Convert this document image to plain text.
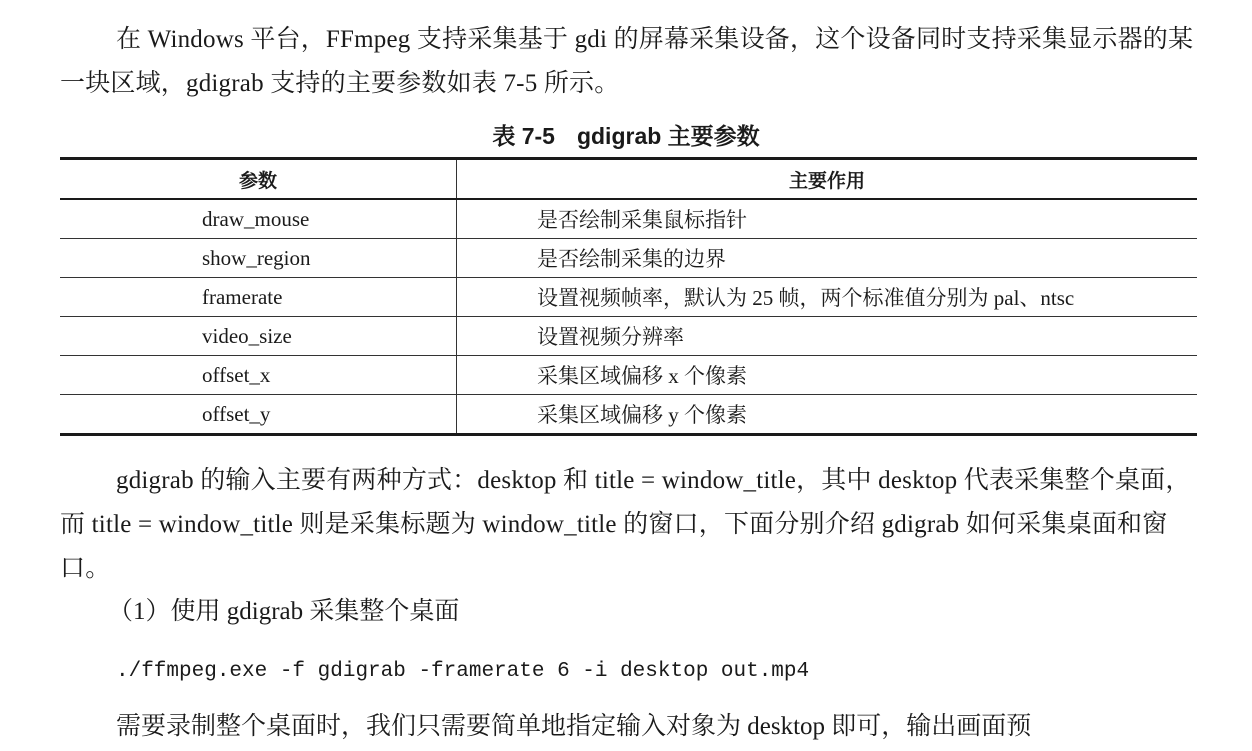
在 Windows 平台，FFmpeg 支持采集基于 gdi 的屏幕采集设备，这个设备同时支持采集显示器的某一块区域，gdigrab 支持的主要参数如表 7-5 所示。

表 7-5 gdigrab 主要参数
参数	主要作用
draw_mouse	是否绘制采集鼠标指针
show_region	是否绘制采集的边界
framerate	设置视频帧率，默认为 25 帧，两个标准值分别为 pal、ntsc
video_size	设置视频分辨率
offset_x	采集区域偏移 x 个像素
offset_y	采集区域偏移 y 个像素

gdigrab 的输入主要有两种方式：desktop 和 title = window_title，其中 desktop 代表采集整个桌面，而 title = window_title 则是采集标题为 window_title 的窗口，下面分别介绍 gdigrab 如何采集桌面和窗口。

（1）使用 gdigrab 采集整个桌面
./ffmpeg.exe -f gdigrab -framerate 6 -i desktop out.mp4
需要录制整个桌面时，我们只需要简单地指定输入对象为 desktop 即可，输出画面预
